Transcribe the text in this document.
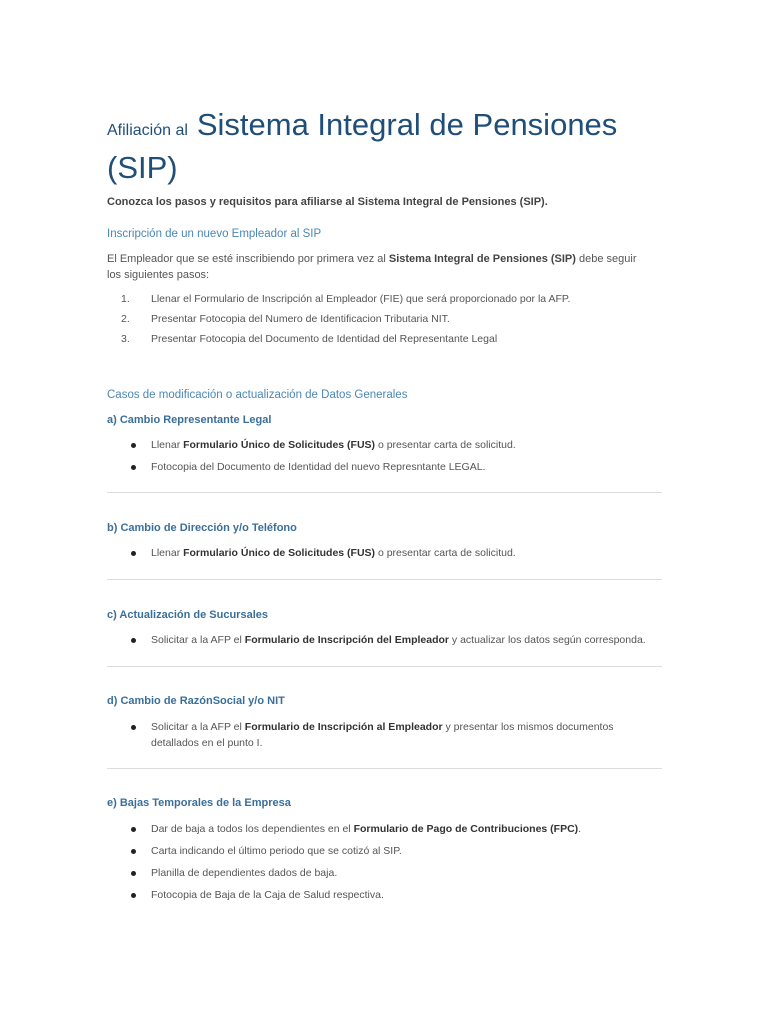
Afiliación al Sistema Integral de Pensiones (SIP)

Conozca los pasos y requisitos para afiliarse al Sistema Integral de Pensiones (SIP).

Inscripción de un nuevo Empleador al SIP

El Empleador que se esté inscribiendo por primera vez al Sistema Integral de Pensiones (SIP) debe seguir los siguientes pasos:

1. Llenar el Formulario de Inscripción al Empleador (FIE) que será proporcionado por la AFP.
2. Presentar Fotocopia del Numero de Identificacion Tributaria NIT.
3. Presentar Fotocopia del Documento de Identidad del Representante Legal
Casos de modificación o actualización de Datos Generales
a) Cambio Representante Legal
Llenar Formulario Único de Solicitudes (FUS) o presentar carta de solicitud.
Fotocopia del Documento de Identidad del nuevo Represntante LEGAL.
b) Cambio de Dirección y/o Teléfono
Llenar Formulario Único de Solicitudes (FUS) o presentar carta de solicitud.
c) Actualización de Sucursales
Solicitar a la AFP el Formulario de Inscripción del Empleador y actualizar los datos según corresponda.
d) Cambio de RazónSocial y/o NIT
Solicitar a la AFP el Formulario de Inscripción al Empleador y presentar los mismos documentos detallados en el punto I.
e) Bajas Temporales de la Empresa
Dar de baja a todos los dependientes en el Formulario de Pago de Contribuciones (FPC).
Carta indicando el último periodo que se cotizó al SIP.
Planilla de dependientes dados de baja.
Fotocopia de Baja de la Caja de Salud respectiva.
